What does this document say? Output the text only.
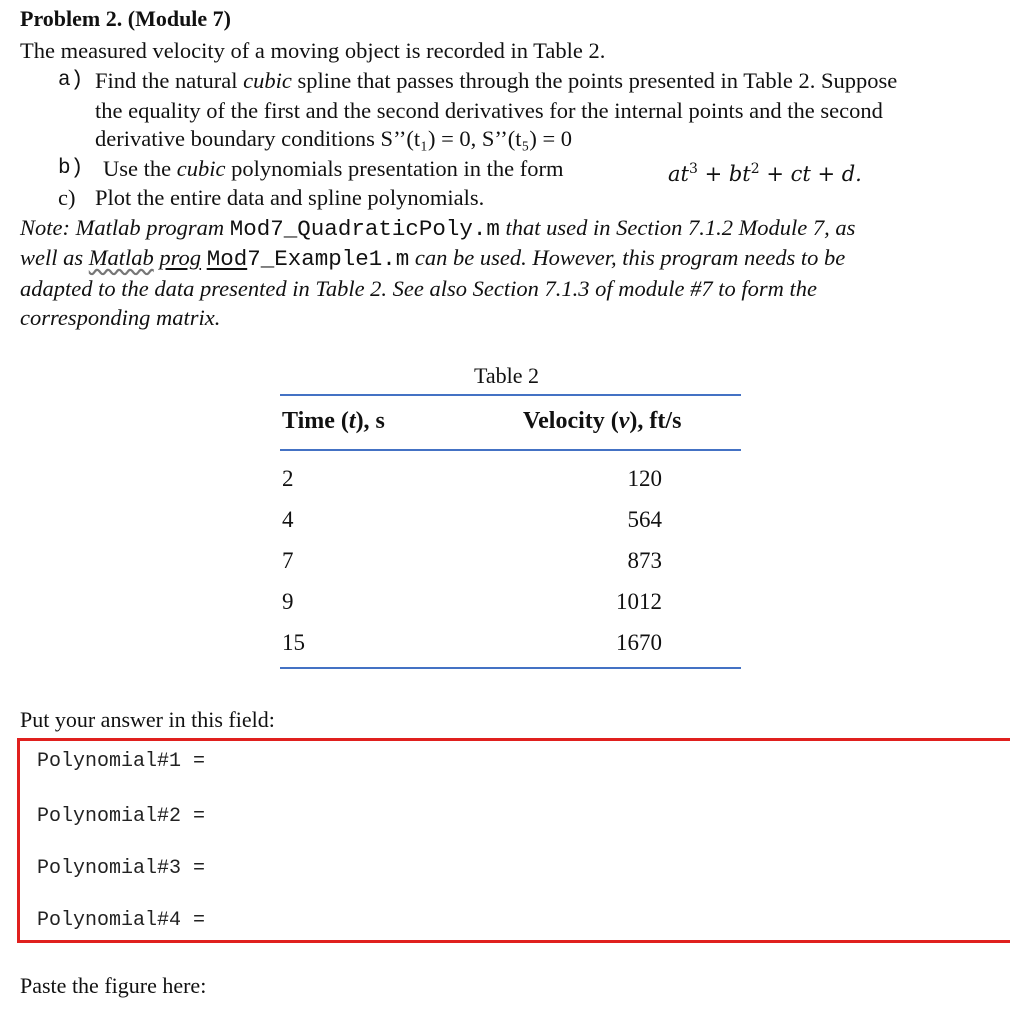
Problem 2. (Module 7)
The measured velocity of a moving object is recorded in Table 2.
a) Find the natural cubic spline that passes through the points presented in Table 2. Suppose
the equality of the first and the second derivatives for the internal points and the second
derivative boundary conditions S’’(t₁) = 0, S’’(t₅) = 0
b) Use the cubic polynomials presentation in the form	$at^3 + bt^2$ + ct + d.
c) Plot the entire data and spline polynomials.
Note: Matlab program Mod7_QuadraticPoly.m that used in Section 7.1.2 Module 7, as
well as Matlab prog Mod7_Example1.m can be used. However, this program needs to be
adapted to the data presented in Table 2. See also Section 7.1.3 of module #7 to form the
corresponding matrix.
Table 2
Time (t), s	Velocity (v), ft/s
2	120
4	564
7	873
9	1012
15	1670
Put your answer in this field:
Polynomial#1 =
Polynomial#2 =
Polynomial#3 =
Polynomial#4 =
Paste the figure here:
